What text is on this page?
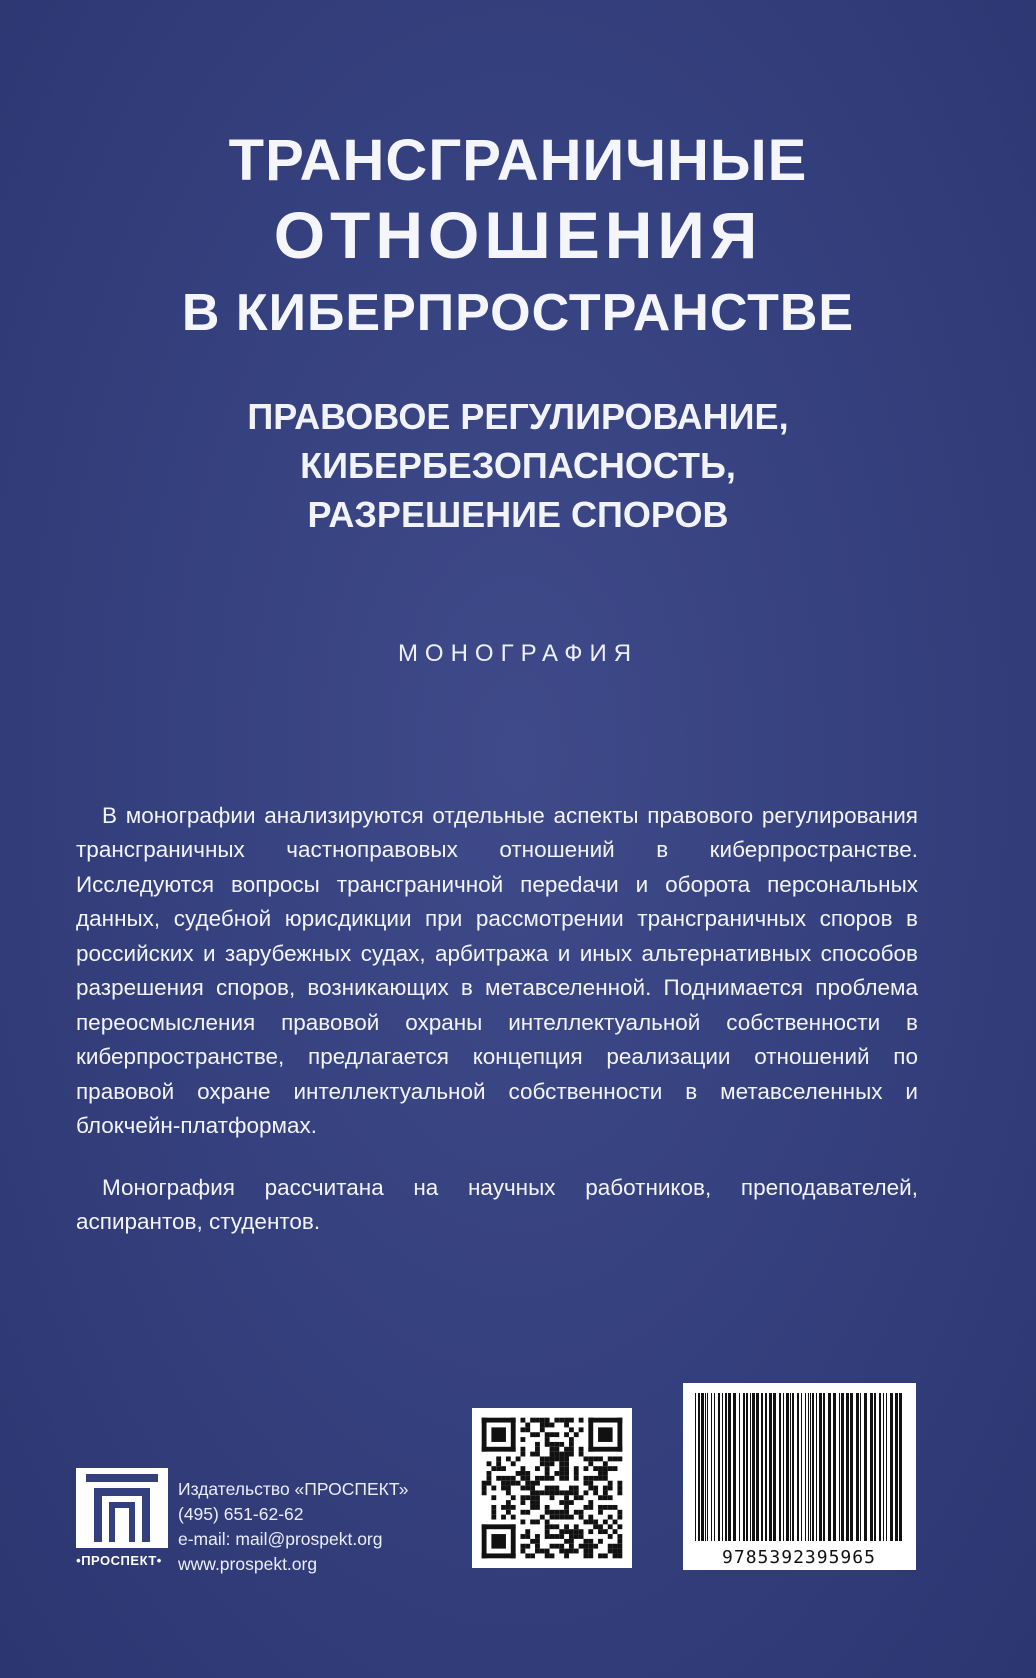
ТРАНСГРАНИЧНЫЕ
ОТНОШЕНИЯ
В КИБЕРПРОСТРАНСТВЕ
ПРАВОВОЕ РЕГУЛИРОВАНИЕ,
КИБЕРБЕЗОПАСНОСТЬ,
РАЗРЕШЕНИЕ СПОРОВ
МОНОГРАФИЯ

В монографии анализируются отдельные аспекты правового регулирования трансграничных частноправовых отношений в киберпространстве. Исследуются вопросы трансграничной переdачи и оборота персональных данных, судебной юрисдикции при рассмотрении трансграничных споров в российских и зарубежных судах, арбитража и иных альтернативных способов разрешения споров, возникающих в метавселенной. Поднимается проблема переосмысления правовой охраны интеллектуальной собственности в киберпространстве, предлагается концепция реализации отношений по правовой охране интеллектуальной собственности в метавселенных и блокчейн-платформах.

Монография рассчитана на научных работников, преподавателей, аспирантов, студентов.

•ПРОСПЕКТ•
Издательство «ПРОСПЕКТ»
(495) 651-62-62
e-mail: mail@prospekt.org
www.prospekt.org	9785392395965
